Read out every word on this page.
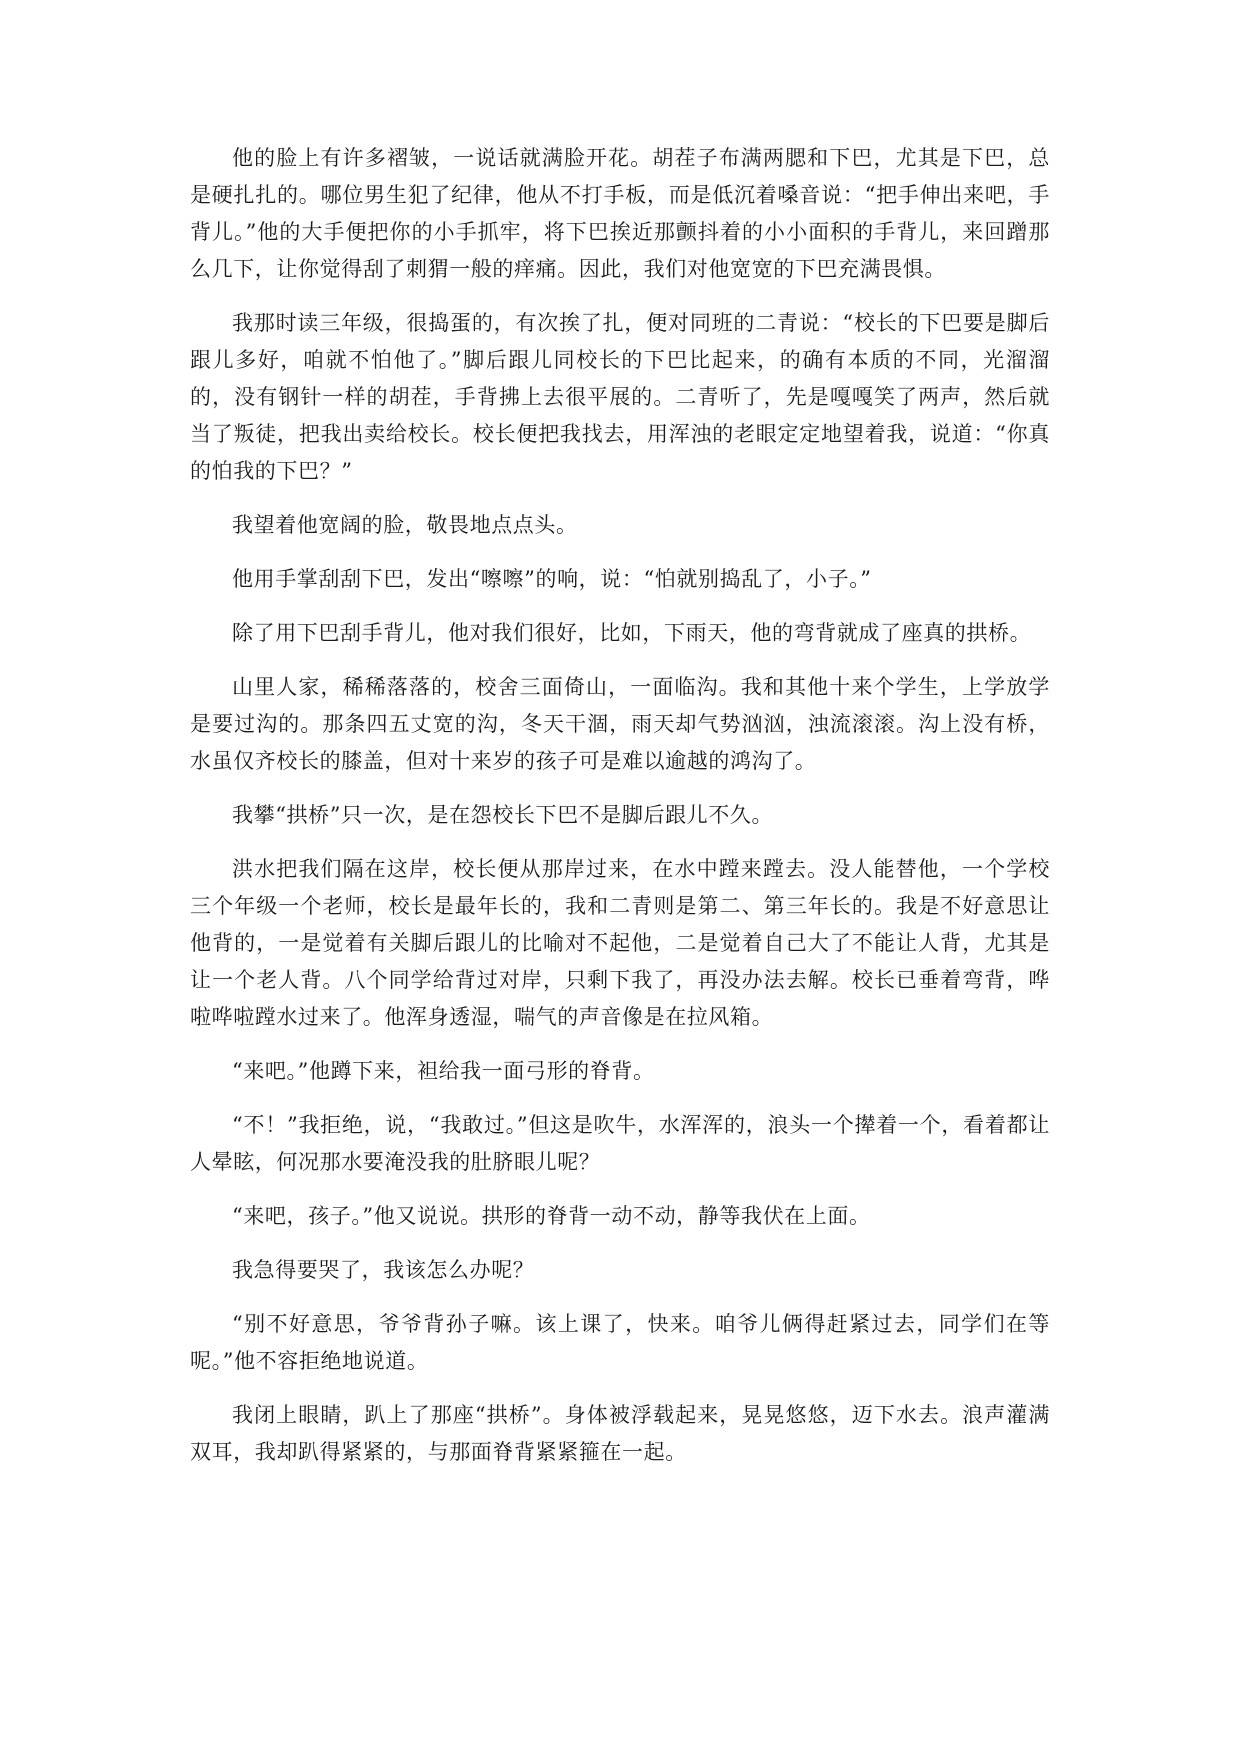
他的脸上有许多褶皱，一说话就满脸开花。胡茬子布满两腮和下巴，尤其是下巴，总是硬扎扎的。哪位男生犯了纪律，他从不打手板，而是低沉着嗓音说：“把手伸出来吧，手背儿。”他的大手便把你的小手抓牢，将下巴挨近那颤抖着的小小面积的手背儿，来回蹭那么几下，让你觉得刮了刺猬一般的痒痛。因此，我们对他宽宽的下巴充满畏惧。

我那时读三年级，很捣蛋的，有次挨了扎，便对同班的二青说：“校长的下巴要是脚后跟儿多好，咱就不怕他了。”脚后跟儿同校长的下巴比起来，的确有本质的不同，光溜溜的，没有钢针一样的胡茬，手背拂上去很平展的。二青听了，先是嘎嘎笑了两声，然后就当了叛徒，把我出卖给校长。校长便把我找去，用浑浊的老眼定定地望着我，说道：“你真的怕我的下巴？”

我望着他宽阔的脸，敬畏地点点头。

他用手掌刮刮下巴，发出“嚓嚓”的响，说：“怕就别捣乱了，小子。”

除了用下巴刮手背儿，他对我们很好，比如，下雨天，他的弯背就成了座真的拱桥。

山里人家，稀稀落落的，校舍三面倚山，一面临沟。我和其他十来个学生，上学放学是要过沟的。那条四五丈宽的沟，冬天干涸，雨天却气势汹汹，浊流滚滚。沟上没有桥，水虽仅齐校长的膝盖，但对十来岁的孩子可是难以逾越的鸿沟了。

我攀“拱桥”只一次，是在怨校长下巴不是脚后跟儿不久。

洪水把我们隔在这岸，校长便从那岸过来，在水中蹚来蹚去。没人能替他，一个学校三个年级一个老师，校长是最年长的，我和二青则是第二、第三年长的。我是不好意思让他背的，一是觉着有关脚后跟儿的比喻对不起他，二是觉着自己大了不能让人背，尤其是让一个老人背。八个同学给背过对岸，只剩下我了，再没办法去解。校长已垂着弯背，哗啦哗啦蹚水过来了。他浑身透湿，喘气的声音像是在拉风箱。

“来吧。”他蹲下来，袒给我一面弓形的脊背。

“不！”我拒绝，说，“我敢过。”但这是吹牛，水浑浑的，浪头一个撵着一个，看着都让人晕眩，何况那水要淹没我的肚脐眼儿呢？

“来吧，孩子。”他又说说。拱形的脊背一动不动，静等我伏在上面。

我急得要哭了，我该怎么办呢？

“别不好意思，爷爷背孙子嘛。该上课了，快来。咱爷儿俩得赶紧过去，同学们在等呢。”他不容拒绝地说道。

我闭上眼睛，趴上了那座“拱桥”。身体被浮载起来，晃晃悠悠，迈下水去。浪声灌满双耳，我却趴得紧紧的，与那面脊背紧紧箍在一起。
